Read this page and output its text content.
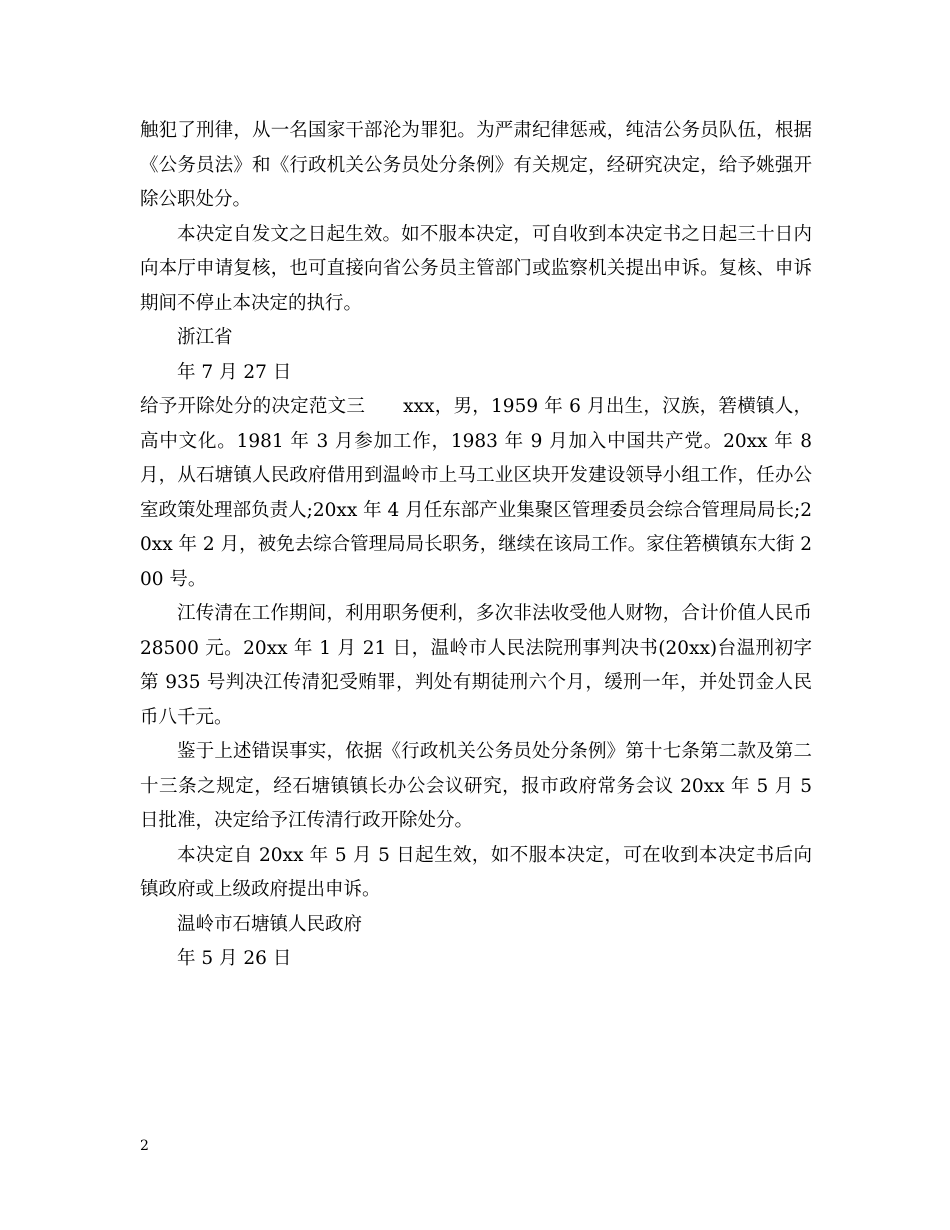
触犯了刑律，从一名国家干部沦为罪犯。为严肃纪律惩戒，纯洁公务员队伍，根据《公务员法》和《行政机关公务员处分条例》有关规定，经研究决定，给予姚强开除公职处分。

本决定自发文之日起生效。如不服本决定，可自收到本决定书之日起三十日内向本厅申请复核，也可直接向省公务员主管部门或监察机关提出申诉。复核、申诉期间不停止本决定的执行。

浙江省

年 7 月 27 日

给予开除处分的决定范文三 xxx，男，1959 年 6 月出生，汉族，箬横镇人，高中文化。1981 年 3 月参加工作，1983 年 9 月加入中国共产党。20xx 年 8 月，从石塘镇人民政府借用到温岭市上马工业区块开发建设领导小组工作，任办公室政策处理部负责人;20xx 年 4 月任东部产业集聚区管理委员会综合管理局局长;20xx 年 2 月，被免去综合管理局局长职务，继续在该局工作。家住箬横镇东大街 200 号。

江传清在工作期间，利用职务便利，多次非法收受他人财物，合计价值人民币 28500 元。20xx 年 1 月 21 日，温岭市人民法院刑事判决书(20xx)台温刑初字第 935 号判决江传清犯受贿罪，判处有期徒刑六个月，缓刑一年，并处罚金人民币八千元。

鉴于上述错误事实，依据《行政机关公务员处分条例》第十七条第二款及第二十三条之规定，经石塘镇镇长办公会议研究，报市政府常务会议 20xx 年 5 月 5 日批准，决定给予江传清行政开除处分。

本决定自 20xx 年 5 月 5 日起生效，如不服本决定，可在收到本决定书后向镇政府或上级政府提出申诉。

温岭市石塘镇人民政府

年 5 月 26 日

2
